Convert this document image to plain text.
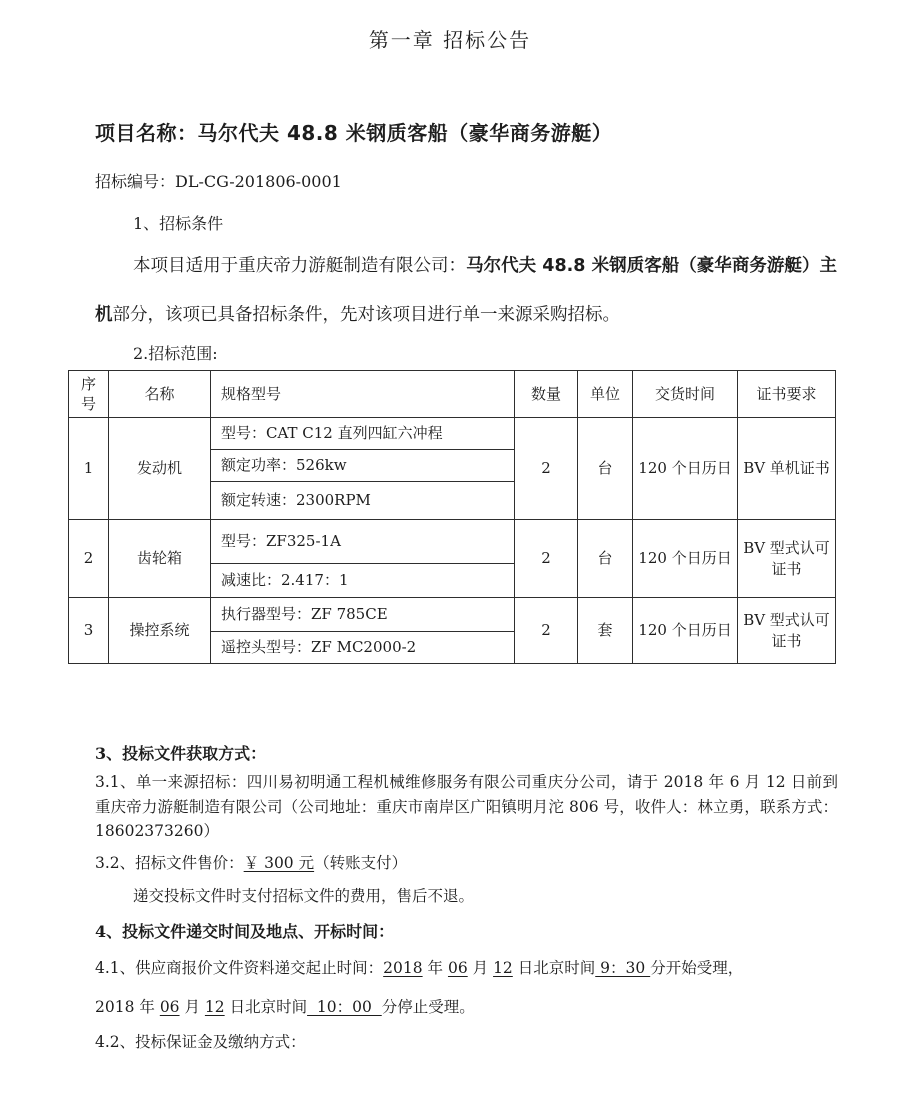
第一章 招标公告
项目名称：马尔代夫 48.8 米钢质客船（豪华商务游艇）
招标编号：DL-CG-201806-0001
1、招标条件
本项目适用于重庆帝力游艇制造有限公司：马尔代夫 48.8 米钢质客船（豪华商务游艇）主机部分，该项已具备招标条件，先对该项目进行单一来源采购招标。
2.招标范围:
序号	名称	规格型号	数量	单位	交货时间	证书要求
1	发动机	型号：CAT C12 直列四缸六冲程	2	台	120 个日历日	BV 单机证书
		额定功率：526kw				
		额定转速：2300RPM				
2	齿轮箱	型号：ZF325-1A	2	台	120 个日历日	BV 型式认可证书
		减速比：2.417：1				
3	操控系统	执行器型号：ZF 785CE	2	套	120 个日历日	BV 型式认可证书
		遥控头型号：ZF MC2000-2				
3、投标文件获取方式：
3.1、单一来源招标：四川易初明通工程机械维修服务有限公司重庆分公司，请于 2018 年 6 月 12 日前到重庆帝力游艇制造有限公司（公司地址：重庆市南岸区广阳镇明月沱 806 号，收件人：林立勇，联系方式：18602373260）
3.2、招标文件售价：￥ 300 元（转账支付）
递交投标文件时支付招标文件的费用，售后不退。
4、投标文件递交时间及地点、开标时间：
4.1、供应商报价文件资料递交起止时间：2018 年 06 月 12 日北京时间 9：30 分开始受理，
2018 年 06 月 12 日北京时间  10：00  分停止受理。
4.2、投标保证金及缴纳方式：
